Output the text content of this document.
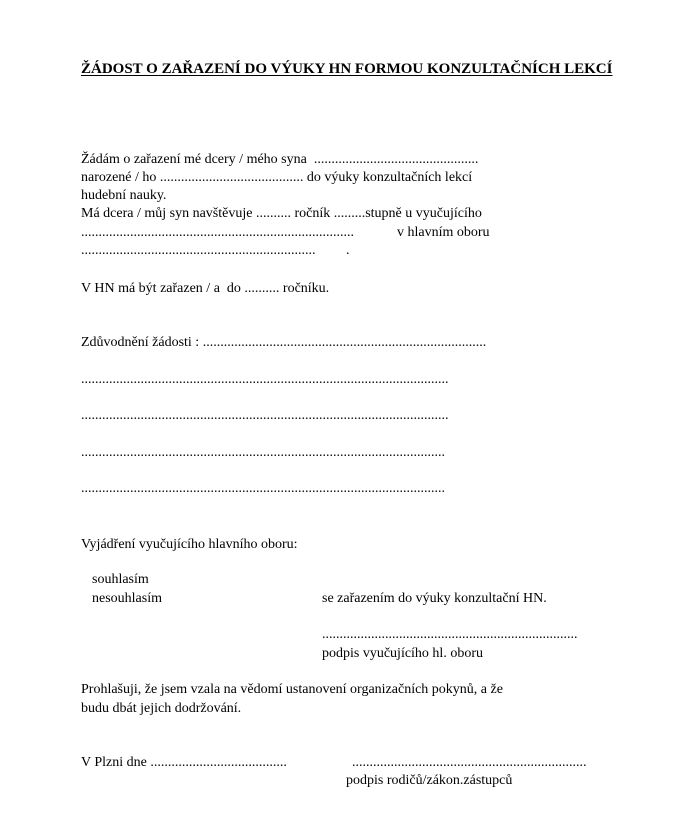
ŽÁDOST O ZAŘAZENÍ DO VÝUKY HN FORMOU KONZULTAČNÍCH LEKCÍ
Žádám o zařazení mé dcery / mého syna  ...............................................
narozené / ho ......................................... do výuky konzultačních lekcí
hudební nauky.
Má dcera / můj syn navštěvuje .......... ročník .........stupně u vyučujícího
..............................................................................	v hlavním oboru
................................................................... .
V HN má být zařazen / a  do .......... ročníku.
Zdůvodnění žádosti : .................................................................................
.........................................................................................................
.........................................................................................................
........................................................................................................
........................................................................................................
Vyjádření vyučujícího hlavního oboru:
souhlasím
nesouhlasím	se zařazením do výuky konzultační HN.
.........................................................................
podpis vyučujícího hl. oboru
Prohlašuji, že jsem vzala na vědomí ustanovení organizačních pokynů, a že
budu dbát jejich dodržování.
V Plzni dne .......................................	...................................................................
podpis rodičů/zákon.zástupců
